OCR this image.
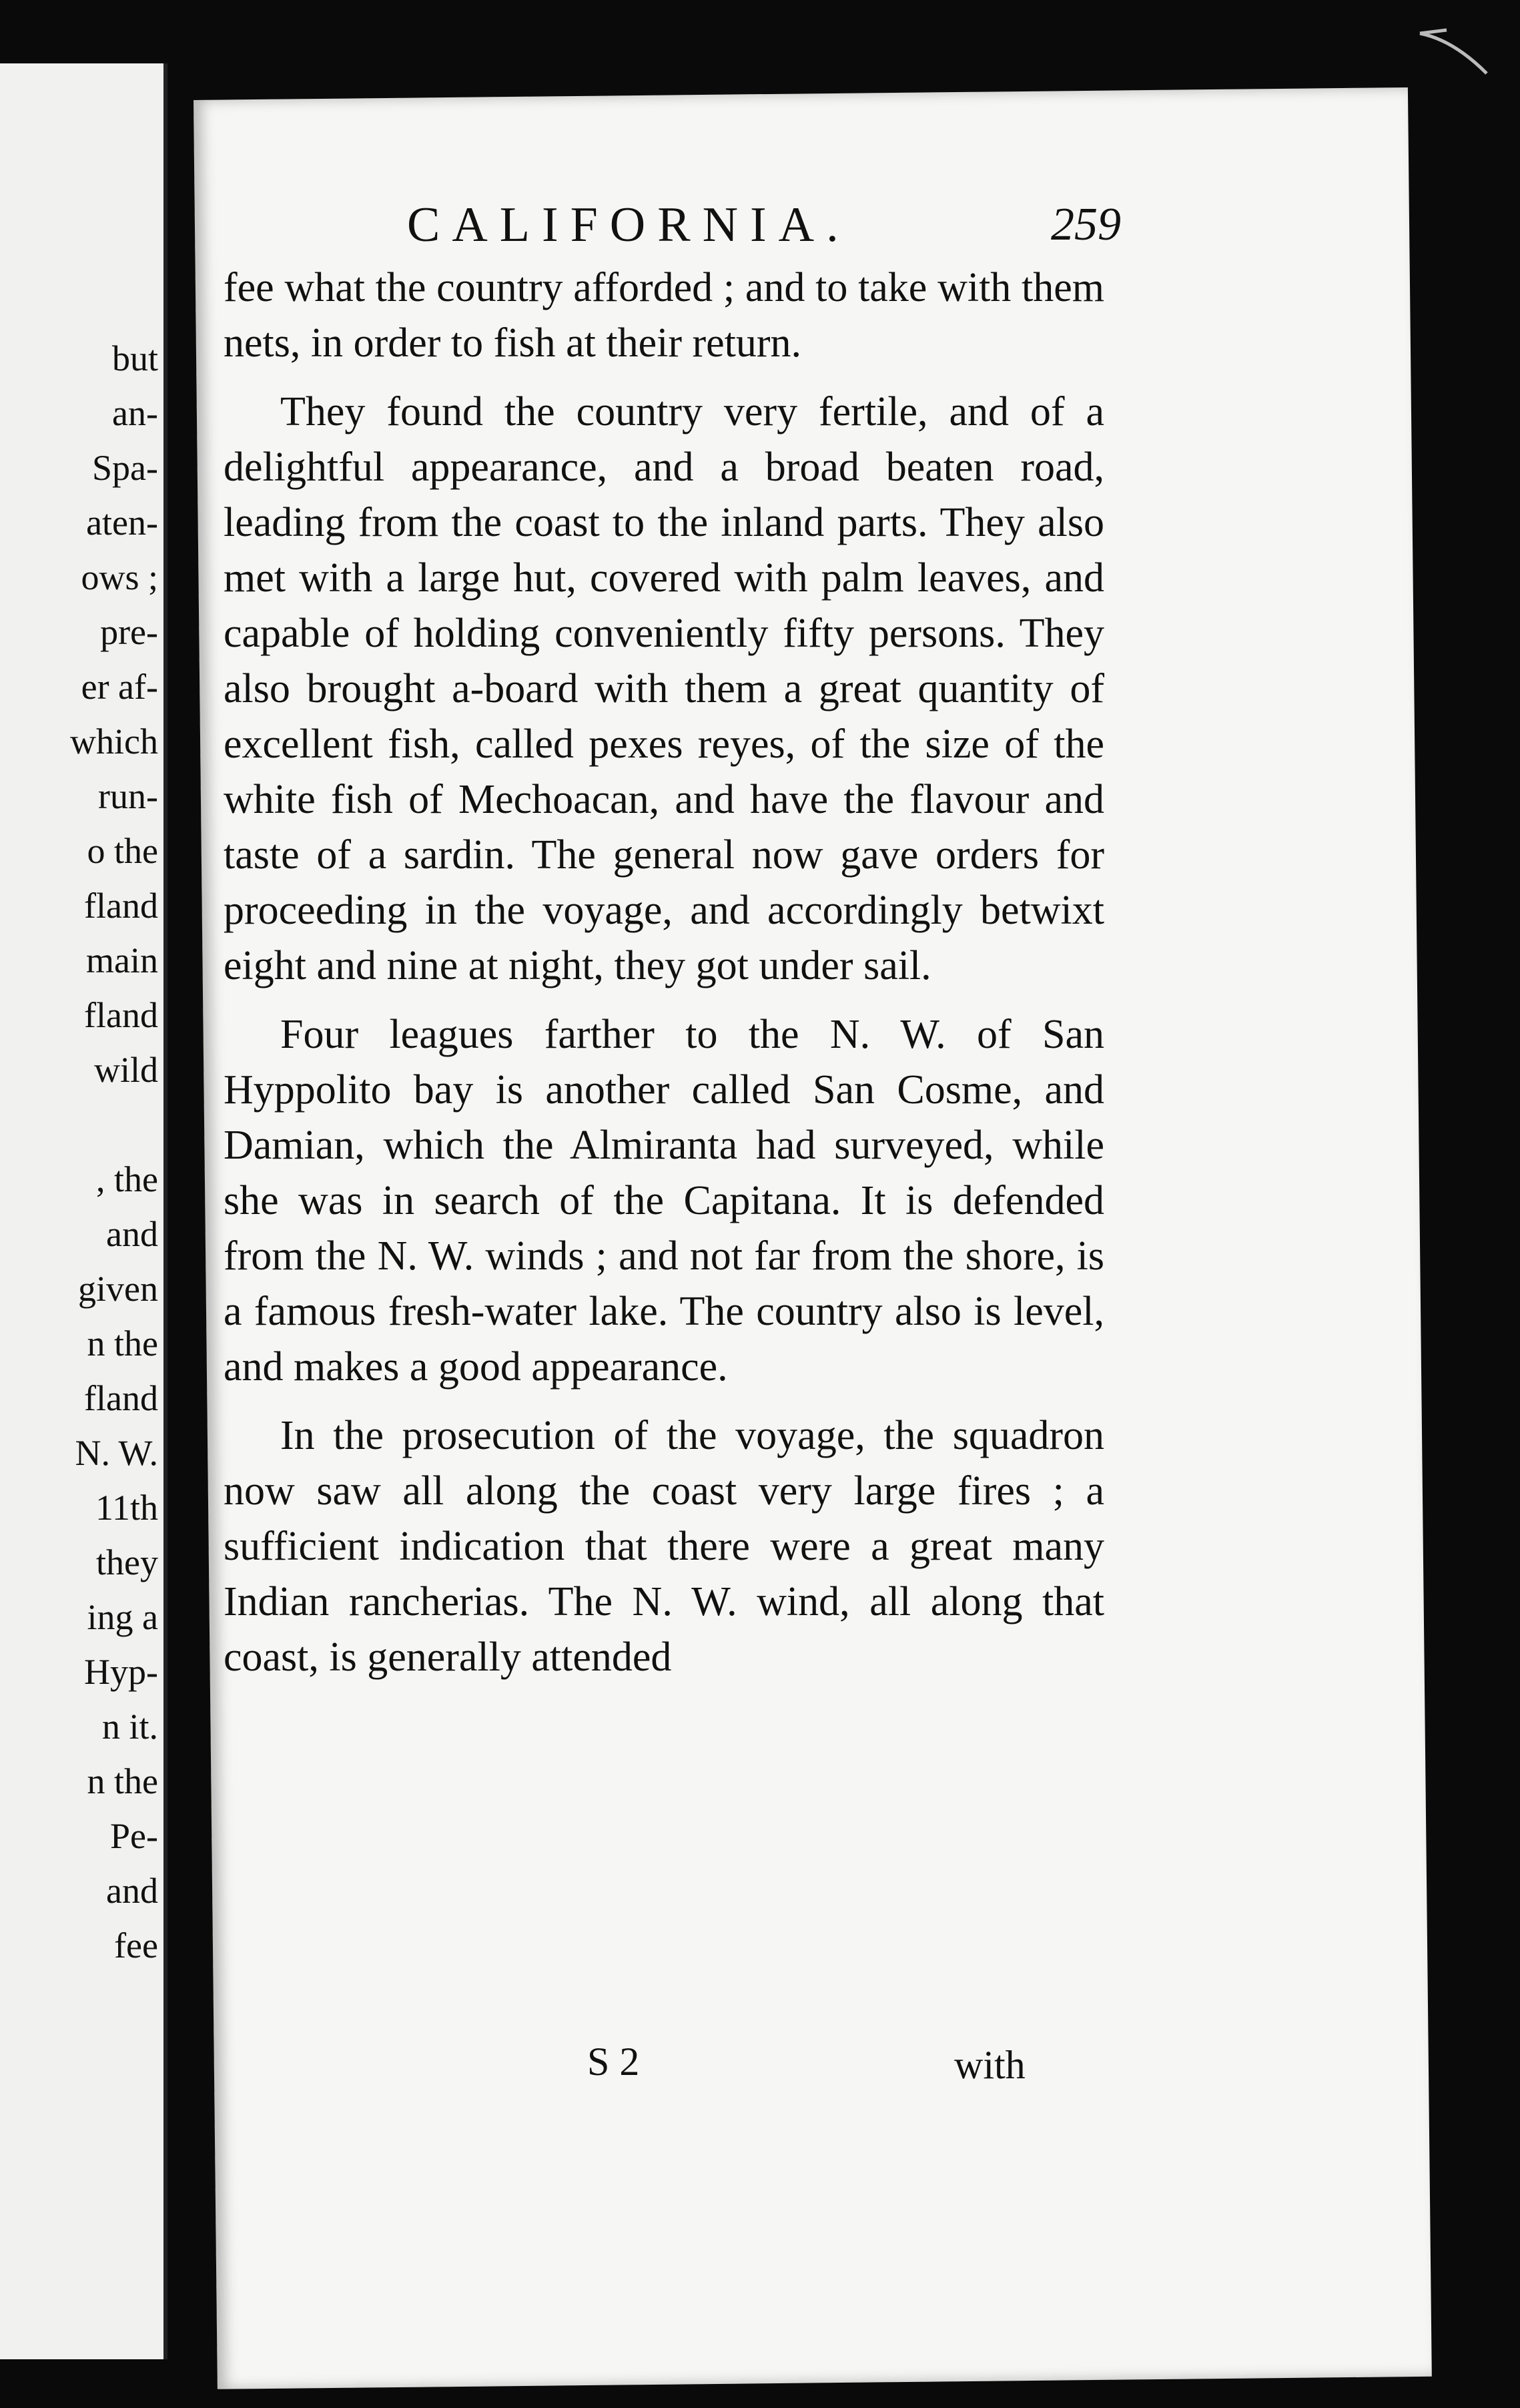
but
an-
Spa-
aten-
ows ;
pre-
er af-
which
run-
o the
fland
main
fland
wild
, the
and
given
n the
fland
N. W.
11th
they
ing a
Hyp-
n it.
n the
Pe-
and
fee
CALIFORNIA.	259

fee what the country afforded ; and to take with them nets, in order to fish at their return.

They found the country very fertile, and of a delightful appearance, and a broad beaten road, leading from the coast to the inland parts. They also met with a large hut, covered with palm leaves, and capable of holding conveniently fifty persons. They also brought a-board with them a great quantity of excellent fish, called pexes reyes, of the size of the white fish of Mechoacan, and have the flavour and taste of a sardin. The general now gave orders for proceeding in the voyage, and accordingly betwixt eight and nine at night, they got under sail.

Four leagues farther to the N. W. of San Hyppolito bay is another called San Cosme, and Damian, which the Almiranta had surveyed, while she was in search of the Capitana. It is defended from the N. W. winds ; and not far from the shore, is a famous fresh-water lake. The country also is level, and makes a good appearance.

In the prosecution of the voyage, the squadron now saw all along the coast very large fires ; a sufficient indication that there were a great many Indian rancherias. The N. W. wind, all along that coast, is generally attended

S 2	with
